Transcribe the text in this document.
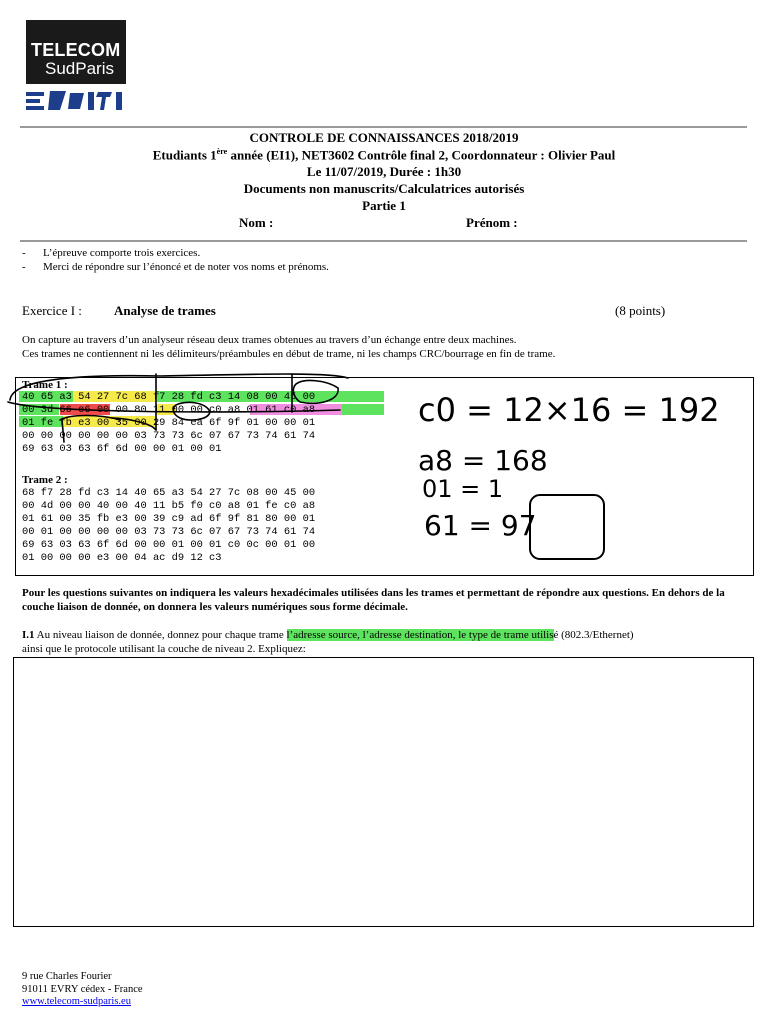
TELECOM
SudParis
CONTROLE DE CONNAISSANCES 2018/2019
Etudiants 1ère année (EI1), NET3602 Contrôle final 2, Coordonnateur : Olivier Paul
Le 11/07/2019, Durée : 1h30
Documents non manuscrits/Calculatrices autorisés
Partie 1
Nom :	Prénom :
- L’épreuve comporte trois exercices.
- Merci de répondre sur l’énoncé et de noter vos noms et prénoms.
Exercice I : Analyse de trames	(8 points)
On capture au travers d’un analyseur réseau deux trames obtenues au travers d’un échange entre deux machines.
Ces trames ne contiennent ni les délimiteurs/préambules en début de trame, ni les champs CRC/bourrage en fin de trame.
Trame 1 :
40 65 a3 54 27 7c 68 f7 28 fd c3 14 08 00 45 00
00 3d 66 e6 00 00 80 11 00 00 c0 a8 01 61 c0 a8
01 fe fb e3 00 35 00 29 84 ea 6f 9f 01 00 00 01
00 00 00 00 00 00 03 73 73 6c 07 67 73 74 61 74
69 63 03 63 6f 6d 00 00 01 00 01
Trame 2 :
68 f7 28 fd c3 14 40 65 a3 54 27 7c 08 00 45 00
00 4d 00 00 40 00 40 11 b5 f0 c0 a8 01 fe c0 a8
01 61 00 35 fb e3 00 39 c9 ad 6f 9f 81 80 00 01
00 01 00 00 00 00 03 73 73 6c 07 67 73 74 61 74
69 63 03 63 6f 6d 00 00 01 00 01 c0 0c 00 01 00
01 00 00 00 e3 00 04 ac d9 12 c3
c0 = 12×16 = 192
a8 = 168
01 = 1
61 = 97
Pour les questions suivantes on indiquera les valeurs hexadécimales utilisées dans les trames et permettant de répondre aux questions. En dehors de la couche liaison de donnée, on donnera les valeurs numériques sous forme décimale.
I.1 Au niveau liaison de donnée, donnez pour chaque trame l’adresse source, l’adresse destination, le type de trame utilisé (802.3/Ethernet)
ainsi que le protocole utilisant la couche de niveau 2. Expliquez:
9 rue Charles Fourier
91011 EVRY cédex - France
www.telecom-sudparis.eu
